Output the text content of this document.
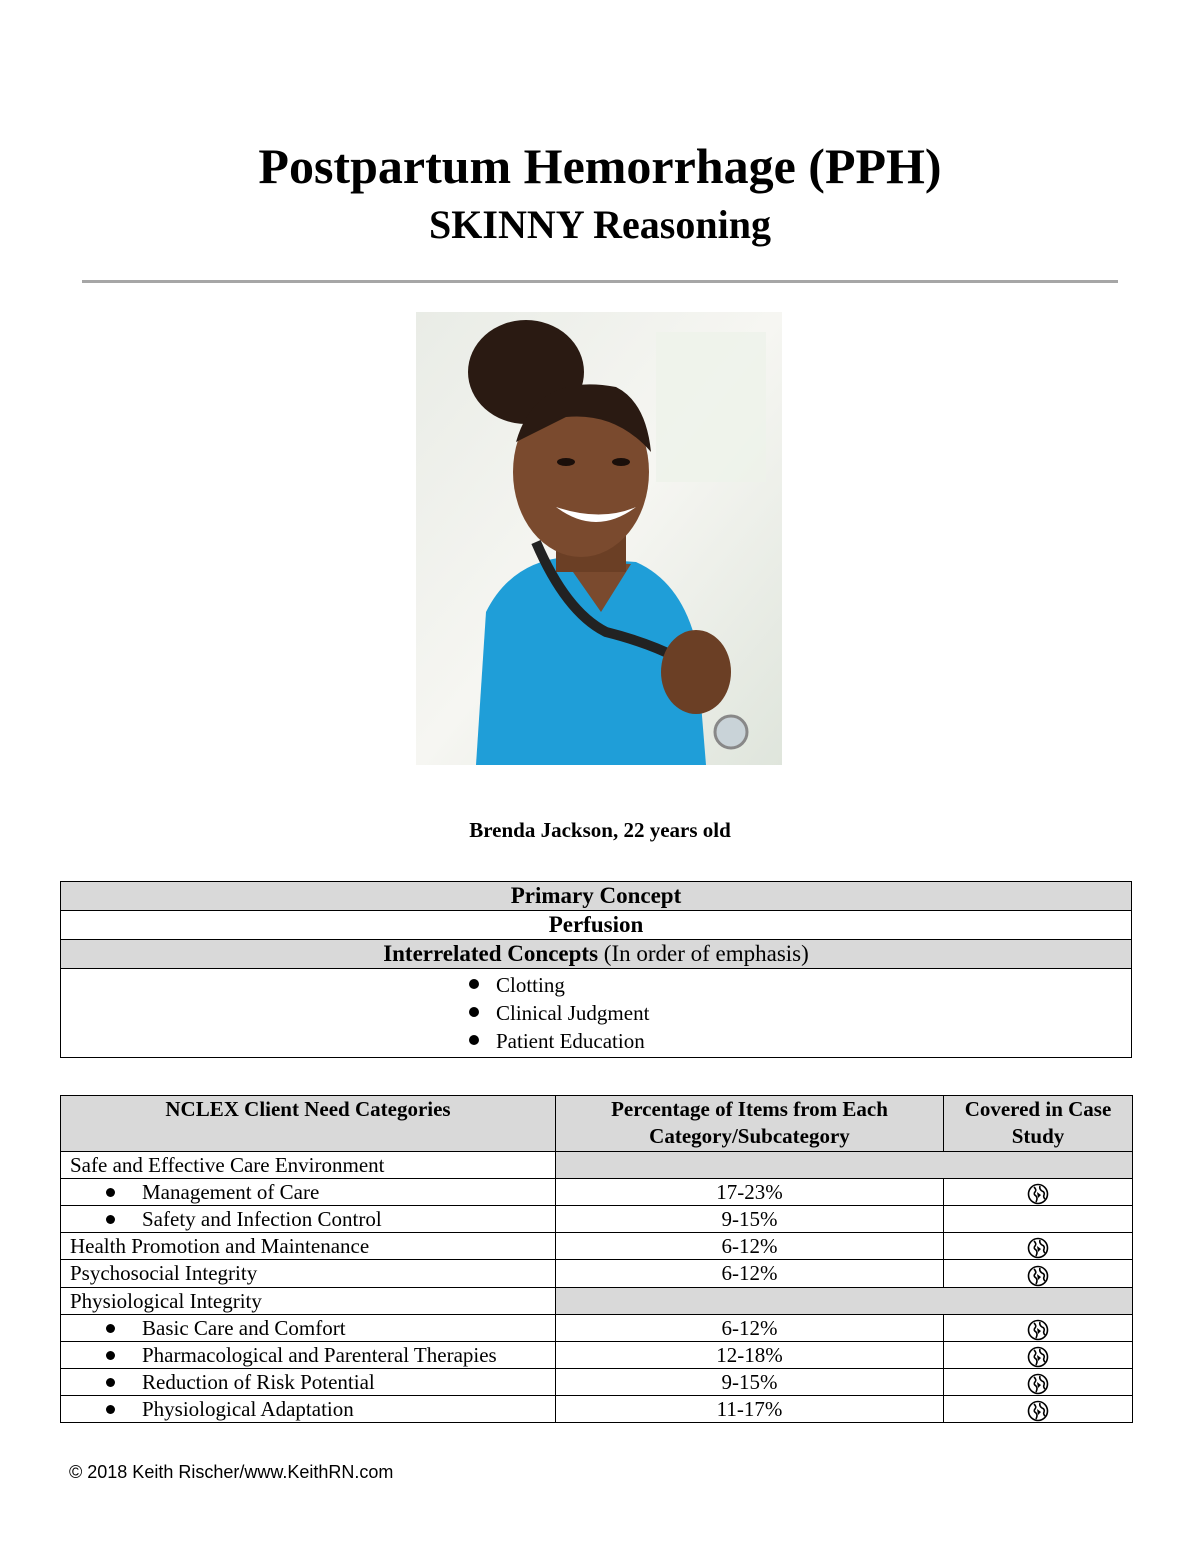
Postpartum Hemorrhage (PPH)
SKINNY Reasoning
Brenda Jackson, 22 years old
Primary Concept
Perfusion
Interrelated Concepts (In order of emphasis)

Clotting
Clinical Judgment
Patient Education
NCLEX Client Need Categories	Percentage of Items from Each Category/Subcategory	Covered in Case Study
Safe and Effective Care Environment		

Management of Care	17-23%	

Safety and Infection Control	9-15%	
Health Promotion and Maintenance	6-12%	
Psychosocial Integrity	6-12%	
Physiological Integrity		

Basic Care and Comfort	6-12%	

Pharmacological and Parenteral Therapies	12-18%	

Reduction of Risk Potential	9-15%	

Physiological Adaptation	11-17%	
© 2018 Keith Rischer/www.KeithRN.com
